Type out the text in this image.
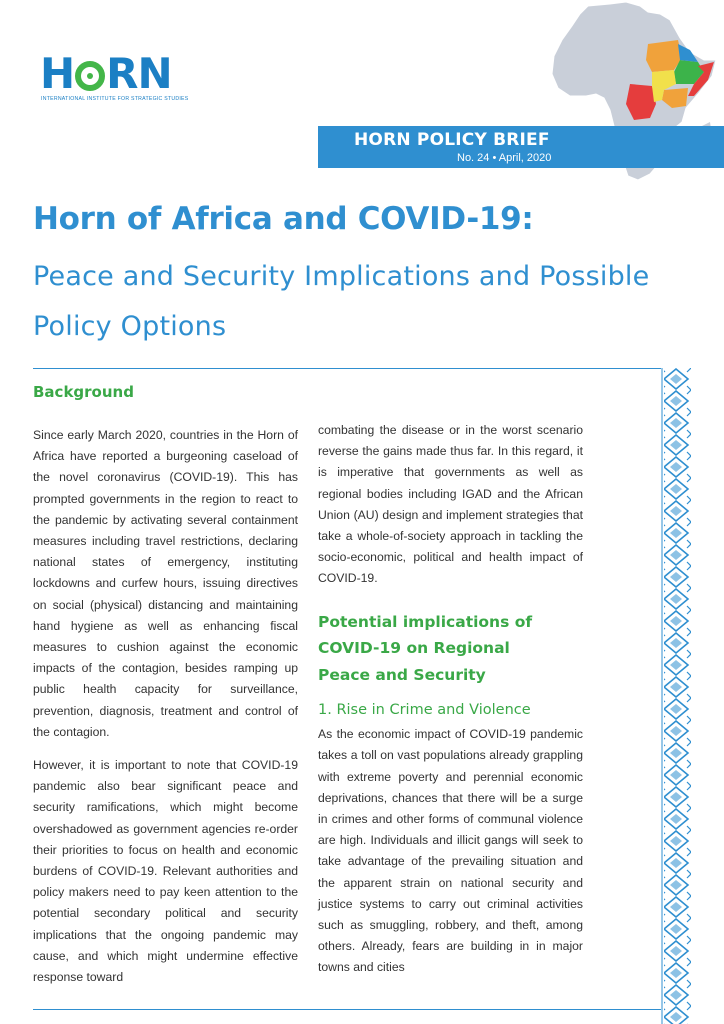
H RN
INTERNATIONAL INSTITUTE FOR STRATEGIC STUDIES
HORN POLICY BRIEF
No. 24 • April, 2020
Horn of Africa and COVID-19:
Peace and Security Implications and Possible Policy Options
Background

Since early March 2020, countries in the Horn of Africa have reported a burgeoning caseload of the novel coronavirus (COVID-19). This has prompted governments in the region to react to the pandemic by activating several containment measures including travel restrictions, declaring national states of emergency, instituting lockdowns and curfew hours, issuing directives on social (physical) distancing and maintaining hand hygiene as well as enhancing fiscal measures to cushion against the economic impacts of the contagion, besides ramping up public health capacity for surveillance, prevention, diagnosis, treatment and control of the contagion.

However, it is important to note that COVID-19 pandemic also bear significant peace and security ramifications, which might become overshadowed as government agencies re-order their priorities to focus on health and economic burdens of COVID-19. Relevant authorities and policy makers need to pay keen attention to the potential secondary political and security implications that the ongoing pandemic may cause, and which might undermine effective response toward

combating the disease or in the worst scenario reverse the gains made thus far. In this regard, it is imperative that governments as well as regional bodies including IGAD and the African Union (AU) design and implement strategies that take a whole-of-society approach in tackling the socio-economic, political and health impact of COVID-19.

Potential implications of COVID-19 on Regional Peace and Security
1. Rise in Crime and Violence

As the economic impact of COVID-19 pandemic takes a toll on vast populations already grappling with extreme poverty and perennial economic deprivations, chances that there will be a surge in crimes and other forms of communal violence are high. Individuals and illicit gangs will seek to take advantage of the prevailing situation and the apparent strain on national security and justice systems to carry out criminal activities such as smuggling, robbery, and theft, among others. Already, fears are building in in major towns and cities
